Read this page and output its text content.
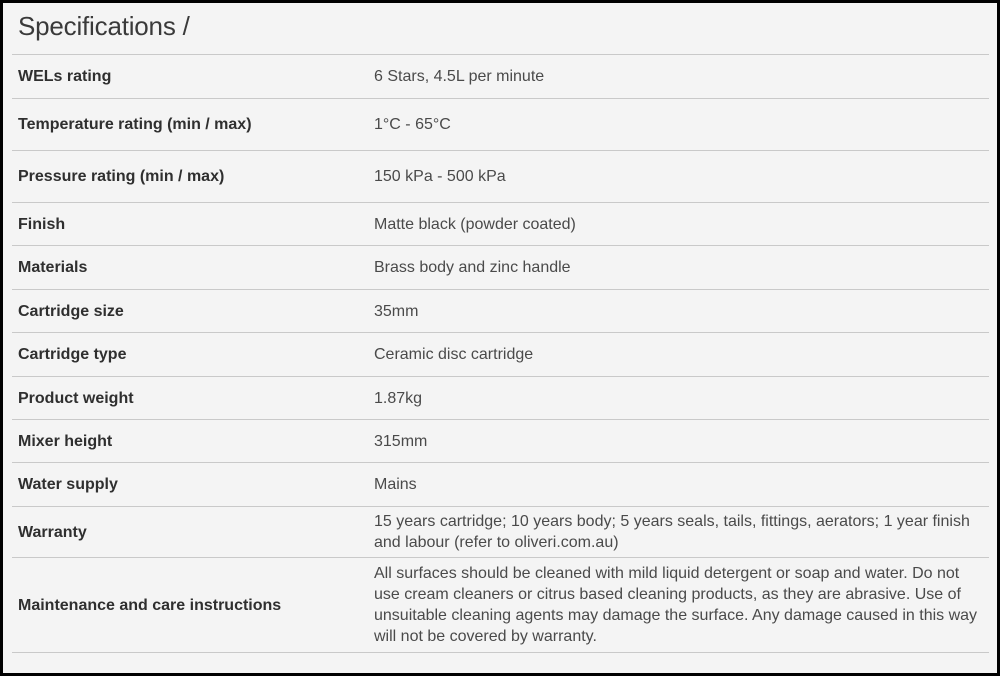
Specifications /
WELs rating	6 Stars, 4.5L per minute
Temperature rating (min / max)	1°C - 65°C
Pressure rating (min / max)	150 kPa - 500 kPa
Finish	Matte black (powder coated)
Materials	Brass body and zinc handle
Cartridge size	35mm
Cartridge type	Ceramic disc cartridge
Product weight	1.87kg
Mixer height	315mm
Water supply	Mains
Warranty	15 years cartridge; 10 years body; 5 years seals, tails, fittings, aerators; 1 year finish and labour (refer to oliveri.com.au)
Maintenance and care instructions	All surfaces should be cleaned with mild liquid detergent or soap and water. Do not use cream cleaners or citrus based cleaning products, as they are abrasive. Use of unsuitable cleaning agents may damage the surface. Any damage caused in this way will not be covered by warranty.
